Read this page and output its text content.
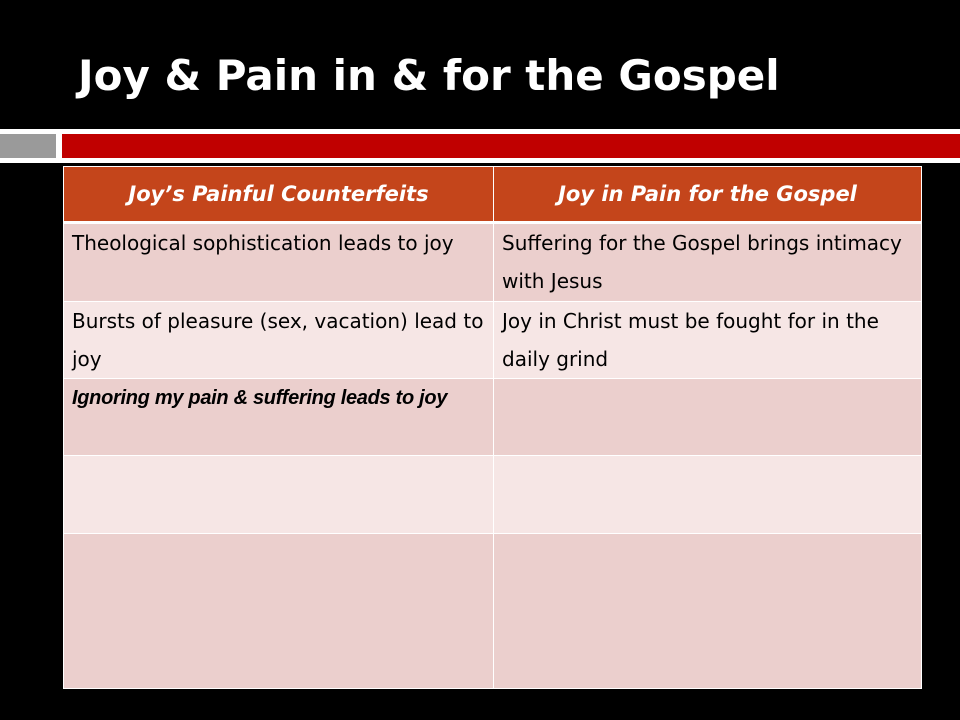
Joy & Pain in & for the Gospel
Joy’s Painful Counterfeits	Joy in Pain for the Gospel
Theological sophistication leads to joy	Suffering for the Gospel brings intimacy with Jesus
Bursts of pleasure (sex, vacation) lead to joy	Joy in Christ must be fought for in the daily grind
Ignoring my pain & suffering leads to joy	
